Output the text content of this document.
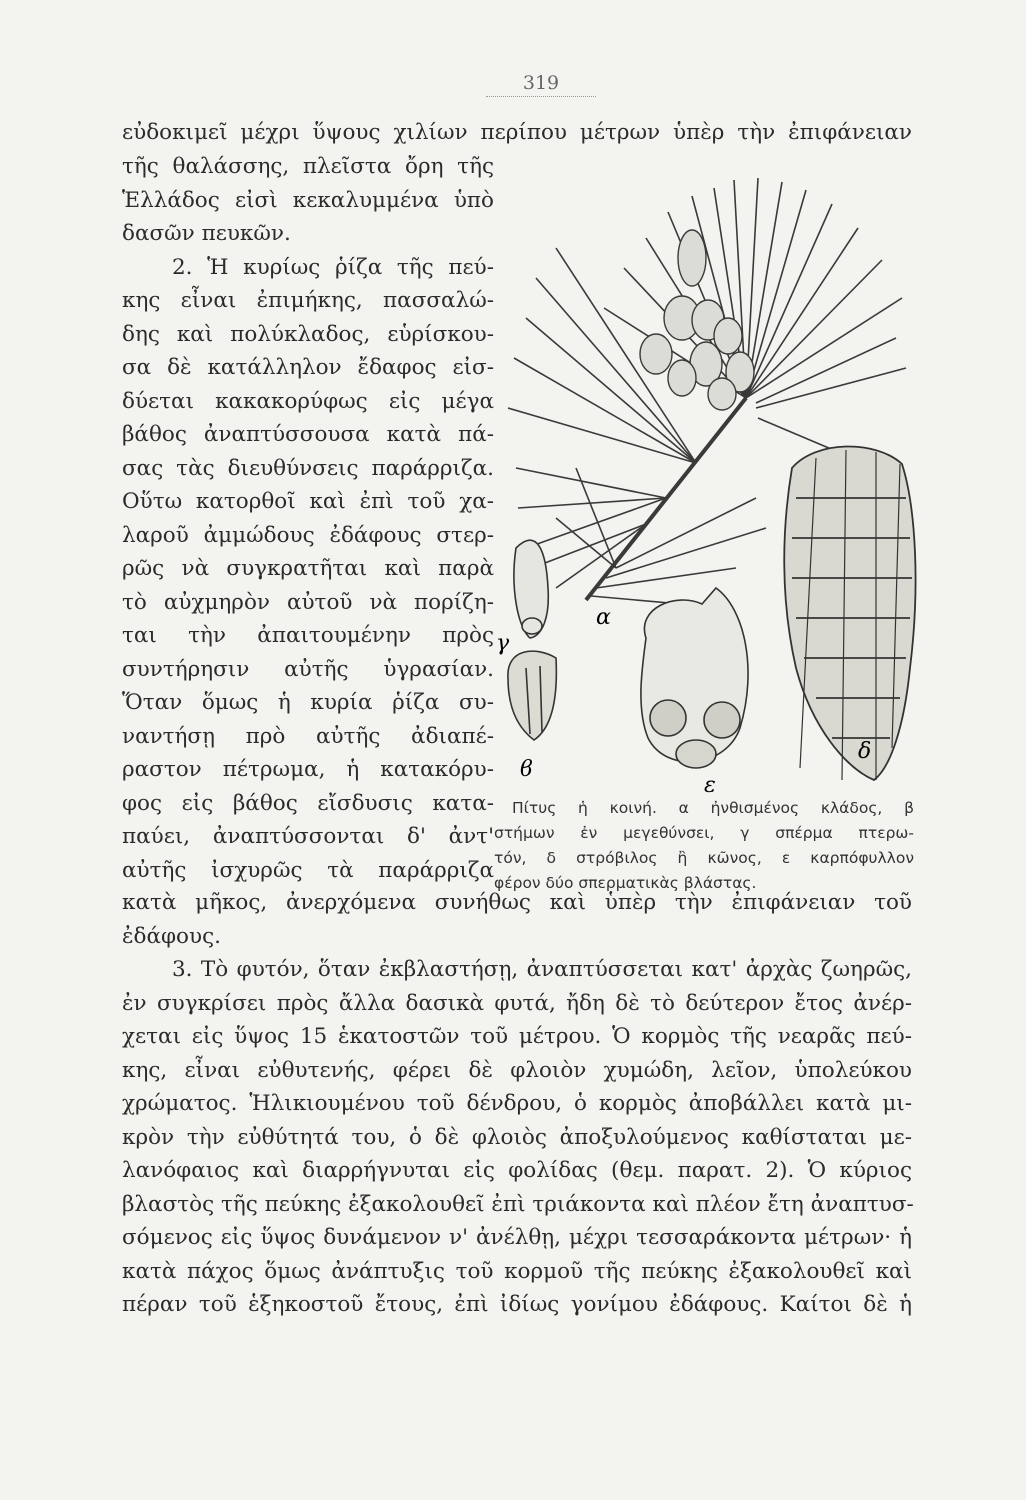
319
εὐδοκιμεῖ μέχρι ὕψους χιλίων περίπου μέτρων ὑπὲρ τὴν ἐπιφάνειαν
τῆς θαλάσσης, πλεῖστα ὄρη τῆς
Ἑλλάδος εἰσὶ κεκαλυμμένα ὑπὸ
δασῶν πευκῶν.
2. Ἡ κυρίως ῥίζα τῆς πεύ-
κης εἶναι ἐπιμήκης, πασσαλώ-
δης καὶ πολύκλαδος, εὑρίσκου-
σα δὲ κατάλληλον ἔδαφος εἰσ-
δύεται κακακορύφως εἰς μέγα
βάθος ἀναπτύσσουσα κατὰ πά-
σας τὰς διευθύνσεις παράρριζα.
Οὕτω κατορθοῖ καὶ ἐπὶ τοῦ χα-
λαροῦ ἀμμώδους ἐδάφους στερ-
ρῶς νὰ συγκρατῆται καὶ παρὰ
τὸ αὐχμηρὸν αὐτοῦ νὰ πορίζη-
ται τὴν ἀπαιτουμένην πρὸς
συντήρησιν αὐτῆς ὑγρασίαν.
Ὅταν ὅμως ἡ κυρία ῥίζα συ-
ναντήσῃ πρὸ αὐτῆς ἀδιαπέ-
ραστον πέτρωμα, ἡ κατακόρυ-
φος εἰς βάθος εἴσδυσις κατα-
παύει, ἀναπτύσσονται δ' ἀντ'
αὐτῆς ἰσχυρῶς τὰ παράρριζα
κατὰ μῆκος, ἀνερχόμενα συνήθως καὶ ὑπὲρ τὴν ἐπιφάνειαν τοῦ
ἐδάφους.
3. Τὸ φυτόν, ὅταν ἐκβλαστήσῃ, ἀναπτύσσεται κατ' ἀρχὰς ζωηρῶς,
ἐν συγκρίσει πρὸς ἄλλα δασικὰ φυτά, ἤδη δὲ τὸ δεύτερον ἔτος ἀνέρ-
χεται εἰς ὕψος 15 ἑκατοστῶν τοῦ μέτρου. Ὁ κορμὸς τῆς νεαρᾶς πεύ-
κης, εἶναι εὐθυτενής, φέρει δὲ φλοιὸν χυμώδη, λεῖον, ὑπολεύκου
χρώματος. Ἡλικιουμένου τοῦ δένδρου, ὁ κορμὸς ἀποβάλλει κατὰ μι-
κρὸν τὴν εὐθύτητά του, ὁ δὲ φλοιὸς ἀποξυλούμενος καθίσταται με-
λανόφαιος καὶ διαρρήγνυται εἰς φολίδας (θεμ. παρατ. 2). Ὁ κύριος
βλαστὸς τῆς πεύκης ἐξακολουθεῖ ἐπὶ τριάκοντα καὶ πλέον ἔτη ἀναπτυσ-
σόμενος εἰς ὕψος δυνάμενον ν' ἀνέλθῃ, μέχρι τεσσαράκοντα μέτρων· ἡ
κατὰ πάχος ὅμως ἀνάπτυξις τοῦ κορμοῦ τῆς πεύκης ἐξακολουθεῖ καὶ
πέραν τοῦ ἑξηκοστοῦ ἔτους, ἐπὶ ἰδίως γονίμου ἐδάφους. Καίτοι δὲ ἡ
α
ϐ
γ
δ
ε
Πίτυς ἡ κοινή. α ἠνθισμένος κλάδος, β
στήμων ἐν μεγεθύνσει, γ σπέρμα πτερω-
τόν, δ στρόβιλος ἢ κῶνος, ε καρπόφυλλον
φέρον δύο σπερματικὰς βλάστας.
